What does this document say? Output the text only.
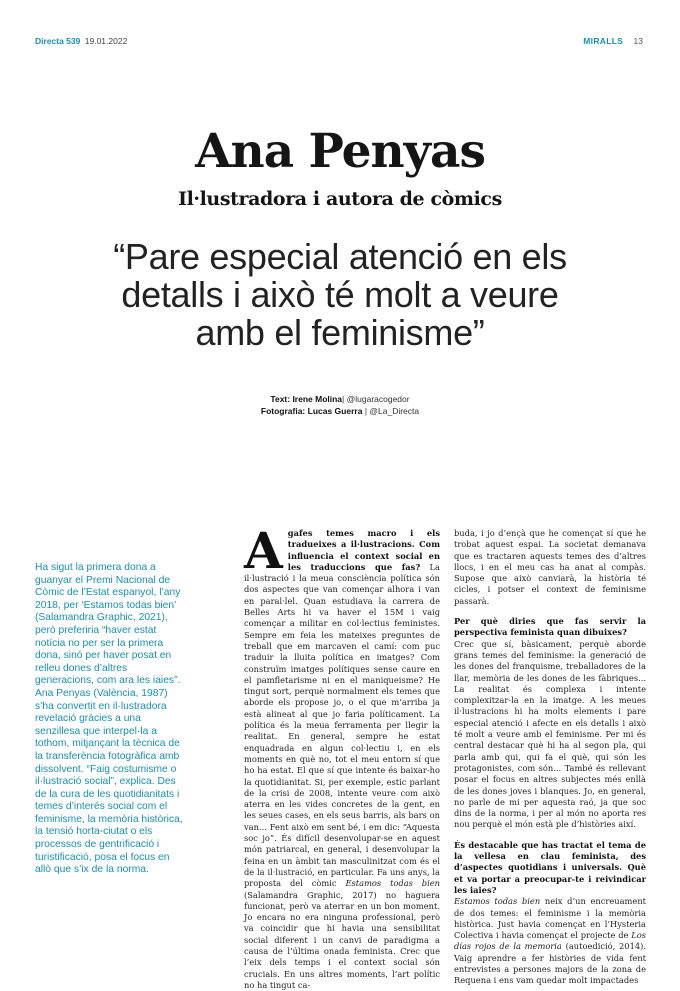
Directa 539 19.01.2022	MIRALLS 13
Ana Penyas
Il·lustradora i autora de còmics
“Pare especial atenció en els detalls i això té molt a veure amb el feminisme”
Text: Irene Molina| @lugaracogedor
Fotografia: Lucas Guerra | @La_Directa
Ha sigut la primera dona a guanyar el Premi Nacional de Còmic de l’Estat espanyol, l’any 2018, per ‘Estamos todas bien’ (Salamandra Graphic, 2021), però preferiria “haver estat notícia no per ser la primera dona, sinó per haver posat en relleu dones d’altres generacions, com ara les iaies”. Ana Penyas (València, 1987) s’ha convertit en il·lustradora revelació gràcies a una senzillesa que interpel·la a tothom, mitjançant la tècnica de la transferència fotogràfica amb dissolvent. “Faig costumisme o il·lustració social”, explica. Des de la cura de les quotidianitats i temes d’interés social com el feminisme, la memòria històrica, la tensió horta-ciutat o els processos de gentrificació i turistificació, posa el focus en allò que s’ix de la norma.
A gafes temes macro i els tradueixes a il·lustracions. Com influencia el context social en les traduccions que fas? La il·lustració i la meua consciència política són dos aspectes que van començar alhora i van en paral·lel. Quan estudiava la carrera de Belles Arts hi va haver el 15M i vaig començar a militar en col·lectius feministes. Sempre em feia les mateixes preguntes de treball que em marcaven el camí: com puc traduir la lluita política en imatges? Com construïm imatges polítiques sense caure en el pamfletarisme ni en el maniqueisme? He tingut sort, perquè normalment els temes que aborde els propose jo, o el que m’arriba ja està alineat al que jo faria políticament. La política és la meua ferramenta per llegir la realitat. En general, sempre he estat enquadrada en algun col·lectiu i, en els moments en què no, tot el meu entorn sí que ho ha estat. El que sí que intente és baixar-ho la quotidianitat. Si, per exemple, estic parlant de la crisi de 2008, intente veure com això aterra en les vides concretes de la gent, en les seues cases, en els seus barris, als bars on van... Fent això em sent bé, i em dic: “Aquesta soc jo”. És difícil desenvolupar-se en aquest món patriarcal, en general, i desenvolupar la feina en un àmbit tan masculinitzat com és el de la il·lustració, en particular. Fa uns anys, la proposta del còmic Estamos todas bien (Salamandra Graphic, 2017) no haguera funcionat, però va aterrar en un bon moment. Jo encara no era ninguna professional, però va coincidir que hi havia una sensibilitat social diferent i un canvi de paradigma a causa de l’última onada feminista. Crec que l’eix dels temps i el context social són crucials. En uns altres moments, l’art polític no ha tingut ca-

buda, i jo d’ençà que he començat sí que he trobat aquest espai. La societat demanava que es tractaren aquests temes des d’altres llocs, i en el meu cas ha anat al compàs. Supose que això canviarà, la història té cicles, i potser el context de feminisme passarà.

Per què diries que fas servir la perspectiva feminista quan dibuixes?

Crec que sí, bàsicament, perquè aborde grans temes del feminisme: la generació de les dones del franquisme, treballadores de la llar, memòria de les dones de les fàbriques... La realitat és complexa i intente complexitzar-la en la imatge. A les meues il·lustracions hi ha molts elements i pare especial atenció i afecte en els detalls i això té molt a veure amb el feminisme. Per mi és central destacar què hi ha al segon pla, qui parla amb qui, qui fa el què, qui són les protagonistes, com són... També és rellevant posar el focus en altres subjectes més enllà de les dones joves i blanques. Jo, en general, no parle de mi per aquesta raó, ja que soc dins de la norma, i per al món no aporta res nou perquè el món està ple d’històries així.

És destacable que has tractat el tema de la vellesa en clau feminista, des d’aspectes quotidians i universals. Què et va portar a preocupar-te i reivindicar les iaies?

Estamos todas bien neix d’un encreuament de dos temes: el feminisme i la memòria històrica. Just havia començat en l’Hysteria Colectiva i havia començat el projecte de Los días rojos de la memoria (autoedició, 2014). Vaig aprendre a fer històries de vida fent entrevistes a persones majors de la zona de Requena i ens vam quedar molt impactades
